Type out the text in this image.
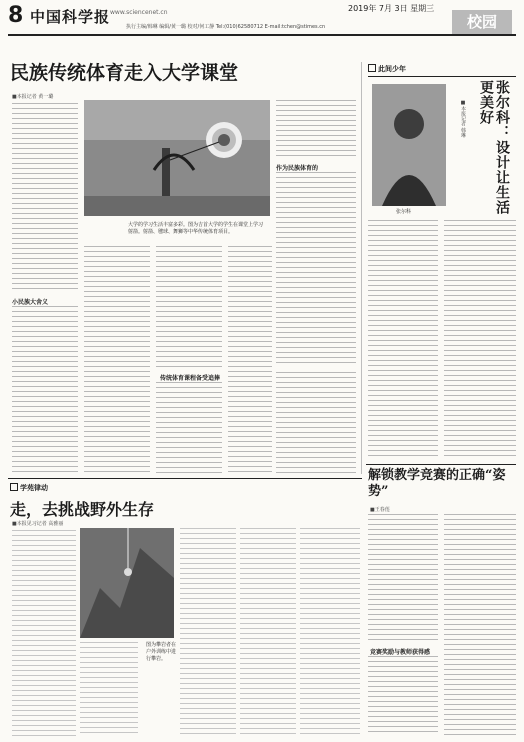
8 中国科学报 www.sciencenet.cn	2019年 7月 3日 星期三
执行主编/韩琳 编辑/黄一璐 校对/何工静 Tel:(010)62580712 E-mail:tchen@stimes.cn	校园
民族传统体育走入大学课堂
■本报记者 黄一璐
小民族大舍义
大学的学习生活丰富多彩。图为吉首大学的学生在课堂上学习射箭。射箭、毽球、舞狮等中华传统体育项目。
传统体育课程备受追捧
作为民族体育的
此间少年
张尔科	张尔科：设计让生活更美好
■本报记者 韩琳
解锁教学竞赛的正确“姿势”
■王春莲
竞赛奖励与教师获得感
学苑律动
走，去挑战野外生存
■本报见习记者 高雅丽
图为攀岩者在户外训练中进行攀岩。
